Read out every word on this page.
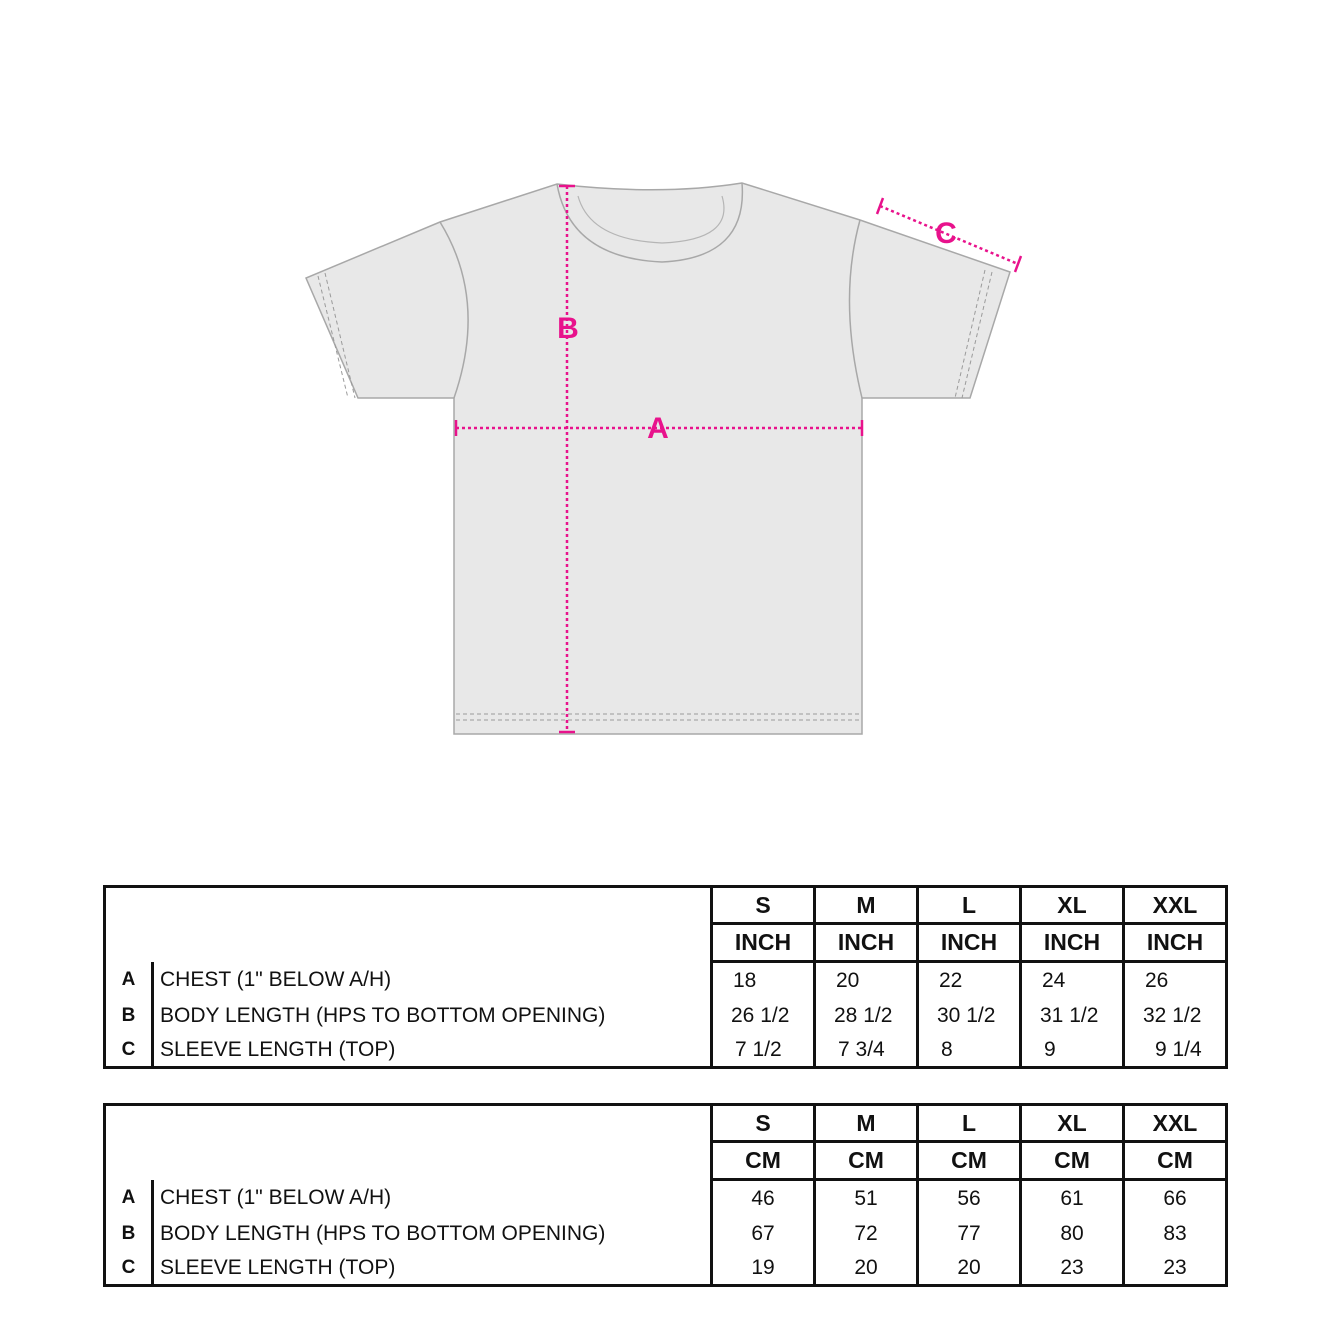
B
A
C
		S	M	L	XL	XXL
		INCH	INCH	INCH	INCH	INCH
A	CHEST (1" BELOW A/H)	18	20	22	24	26
B	BODY LENGTH (HPS TO BOTTOM OPENING)	26 1/2	28 1/2	30 1/2	31 1/2	32 1/2
C	SLEEVE LENGTH (TOP)	7 1/2	7 3/4	8	9	9 1/4
		S	M	L	XL	XXL
		CM	CM	CM	CM	CM
A	CHEST (1" BELOW A/H)	46	51	56	61	66
B	BODY LENGTH (HPS TO BOTTOM OPENING)	67	72	77	80	83
C	SLEEVE LENGTH (TOP)	19	20	20	23	23
